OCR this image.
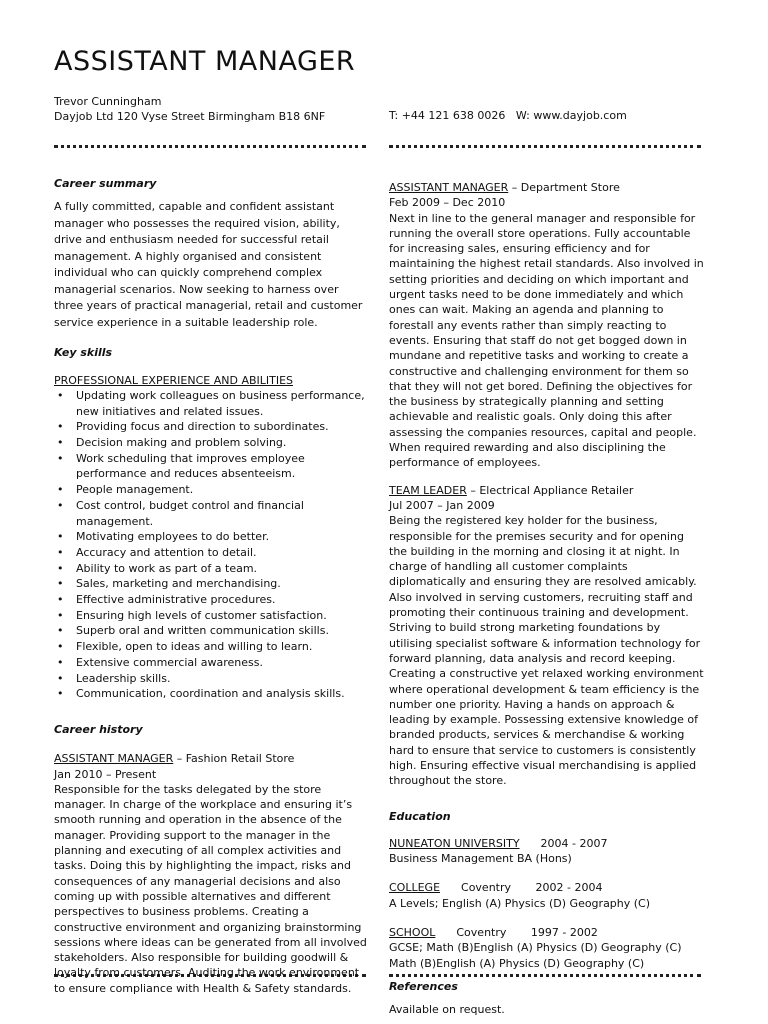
ASSISTANT MANAGER
Trevor Cunningham
Dayjob Ltd 120 Vyse Street Birmingham B18 6NF	T: +44 121 638 0026   W: www.dayjob.com
Career summary

A fully committed, capable and confident assistant manager who possesses the required vision, ability, drive and enthusiasm needed for successful retail management. A highly organised and consistent individual who can quickly comprehend complex managerial scenarios. Now seeking to harness over three years of practical managerial, retail and customer service experience in a suitable leadership role.

Key skills
PROFESSIONAL EXPERIENCE AND ABILITIES
• Updating work colleagues on business performance, new initiatives and related issues.
• Providing focus and direction to subordinates.
• Decision making and problem solving.
• Work scheduling that improves employee performance and reduces absenteeism.
• People management.
• Cost control, budget control and financial management.
• Motivating employees to do better.
• Accuracy and attention to detail.
• Ability to work as part of a team.
• Sales, marketing and merchandising.
• Effective administrative procedures.
• Ensuring high levels of customer satisfaction.
• Superb oral and written communication skills.
• Flexible, open to ideas and willing to learn.
• Extensive commercial awareness.
• Leadership skills.
• Communication, coordination and analysis skills.
Career history
ASSISTANT MANAGER – Fashion Retail Store
Jan 2010 – Present

Responsible for the tasks delegated by the store manager. In charge of the workplace and ensuring it’s smooth running and operation in the absence of the manager. Providing support to the manager in the planning and executing of all complex activities and tasks. Doing this by highlighting the impact, risks and consequences of any managerial decisions and also coming up with possible alternatives and different perspectives to business problems. Creating a constructive environment and organizing brainstorming sessions where ideas can be generated from all involved stakeholders. Also responsible for building goodwill & loyalty from customers. Auditing the work environment to ensure compliance with Health & Safety standards.

ASSISTANT MANAGER – Department Store
Feb 2009 – Dec 2010

Next in line to the general manager and responsible for running the overall store operations. Fully accountable for increasing sales, ensuring efficiency and for maintaining the highest retail standards. Also involved in setting priorities and deciding on which important and urgent tasks need to be done immediately and which ones can wait. Making an agenda and planning to forestall any events rather than simply reacting to events. Ensuring that staff do not get bogged down in mundane and repetitive tasks and working to create a constructive and challenging environment for them so that they will not get bored. Defining the objectives for the business by strategically planning and setting achievable and realistic goals. Only doing this after assessing the companies resources, capital and people. When required rewarding and also disciplining the performance of employees.

TEAM LEADER – Electrical Appliance Retailer
Jul 2007 – Jan 2009

Being the registered key holder for the business, responsible for the premises security and for opening the building in the morning and closing it at night. In charge of handling all customer complaints diplomatically and ensuring they are resolved amicably. Also involved in serving customers, recruiting staff and promoting their continuous training and development. Striving to build strong marketing foundations by utilising specialist software & information technology for forward planning, data analysis and record keeping. Creating a constructive yet relaxed working environment where operational development & team efficiency is the number one priority. Having a hands on approach & leading by example. Possessing extensive knowledge of branded products, services & merchandise & working hard to ensure that service to customers is consistently high. Ensuring effective visual merchandising is applied throughout the store.

Education
NUNEATON UNIVERSITY 2004 - 2007
Business Management BA (Hons)
COLLEGE Coventry 2002 - 2004
A Levels; English (A) Physics (D) Geography (C)
SCHOOL Coventry 1997 - 2002
GCSE; Math (B)English (A) Physics (D) Geography (C)
Math (B)English (A) Physics (D) Geography (C)
References
Available on request.
